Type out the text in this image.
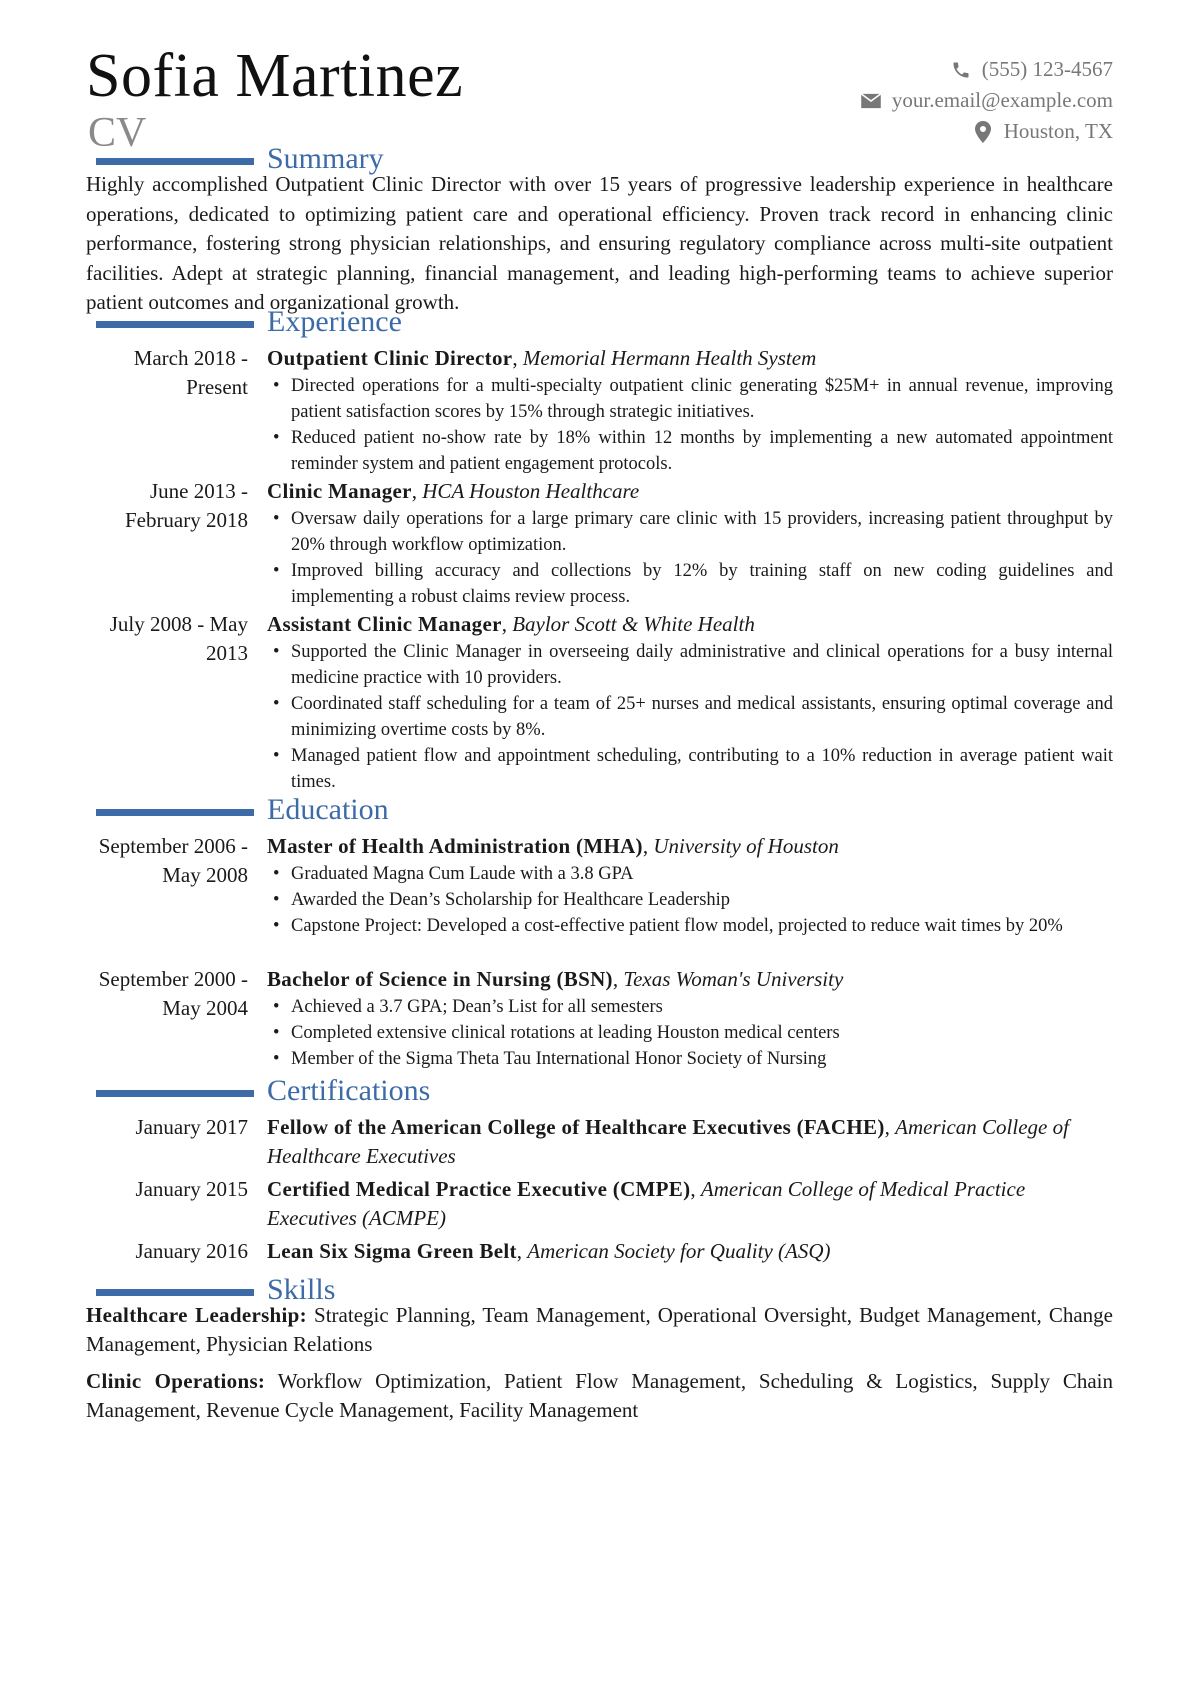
Sofia Martinez
CV
(555) 123-4567
your.email@example.com
Houston, TX
Summary
Highly accomplished Outpatient Clinic Director with over 15 years of progressive leadership experience in healthcare operations, dedicated to optimizing patient care and operational efficiency. Proven track record in enhancing clinic performance, fostering strong physician relationships, and ensuring regulatory compliance across multi-site outpatient facilities. Adept at strategic planning, financial management, and leading high-performing teams to achieve superior patient outcomes and organizational growth.
Experience
March 2018 - Present
Outpatient Clinic Director, Memorial Hermann Health System
• Directed operations for a multi-specialty outpatient clinic generating $25M+ in annual revenue, improving patient satisfaction scores by 15% through strategic initiatives.
• Reduced patient no-show rate by 18% within 12 months by implementing a new automated appointment reminder system and patient engagement protocols.
June 2013 - February 2018
Clinic Manager, HCA Houston Healthcare
• Oversaw daily operations for a large primary care clinic with 15 providers, increasing patient throughput by 20% through workflow optimization.
• Improved billing accuracy and collections by 12% by training staff on new coding guidelines and implementing a robust claims review process.
July 2008 - May 2013
Assistant Clinic Manager, Baylor Scott & White Health
• Supported the Clinic Manager in overseeing daily administrative and clinical operations for a busy internal medicine practice with 10 providers.
• Coordinated staff scheduling for a team of 25+ nurses and medical assistants, ensuring optimal coverage and minimizing overtime costs by 8%.
• Managed patient flow and appointment scheduling, contributing to a 10% reduction in average patient wait times.
Education
September 2006 - May 2008
Master of Health Administration (MHA), University of Houston
• Graduated Magna Cum Laude with a 3.8 GPA
• Awarded the Dean’s Scholarship for Healthcare Leadership
• Capstone Project: Developed a cost-effective patient flow model, projected to reduce wait times by 20%
September 2000 - May 2004
Bachelor of Science in Nursing (BSN), Texas Woman's University
• Achieved a 3.7 GPA; Dean’s List for all semesters
• Completed extensive clinical rotations at leading Houston medical centers
• Member of the Sigma Theta Tau International Honor Society of Nursing
Certifications
January 2017 Fellow of the American College of Healthcare Executives (FACHE), American College of Healthcare Executives
January 2015 Certified Medical Practice Executive (CMPE), American College of Medical Practice Executives (ACMPE)
January 2016 Lean Six Sigma Green Belt, American Society for Quality (ASQ)
Skills
Healthcare Leadership: Strategic Planning, Team Management, Operational Oversight, Budget Management, Change Management, Physician Relations
Clinic Operations: Workflow Optimization, Patient Flow Management, Scheduling & Logistics, Supply Chain Management, Revenue Cycle Management, Facility Management
